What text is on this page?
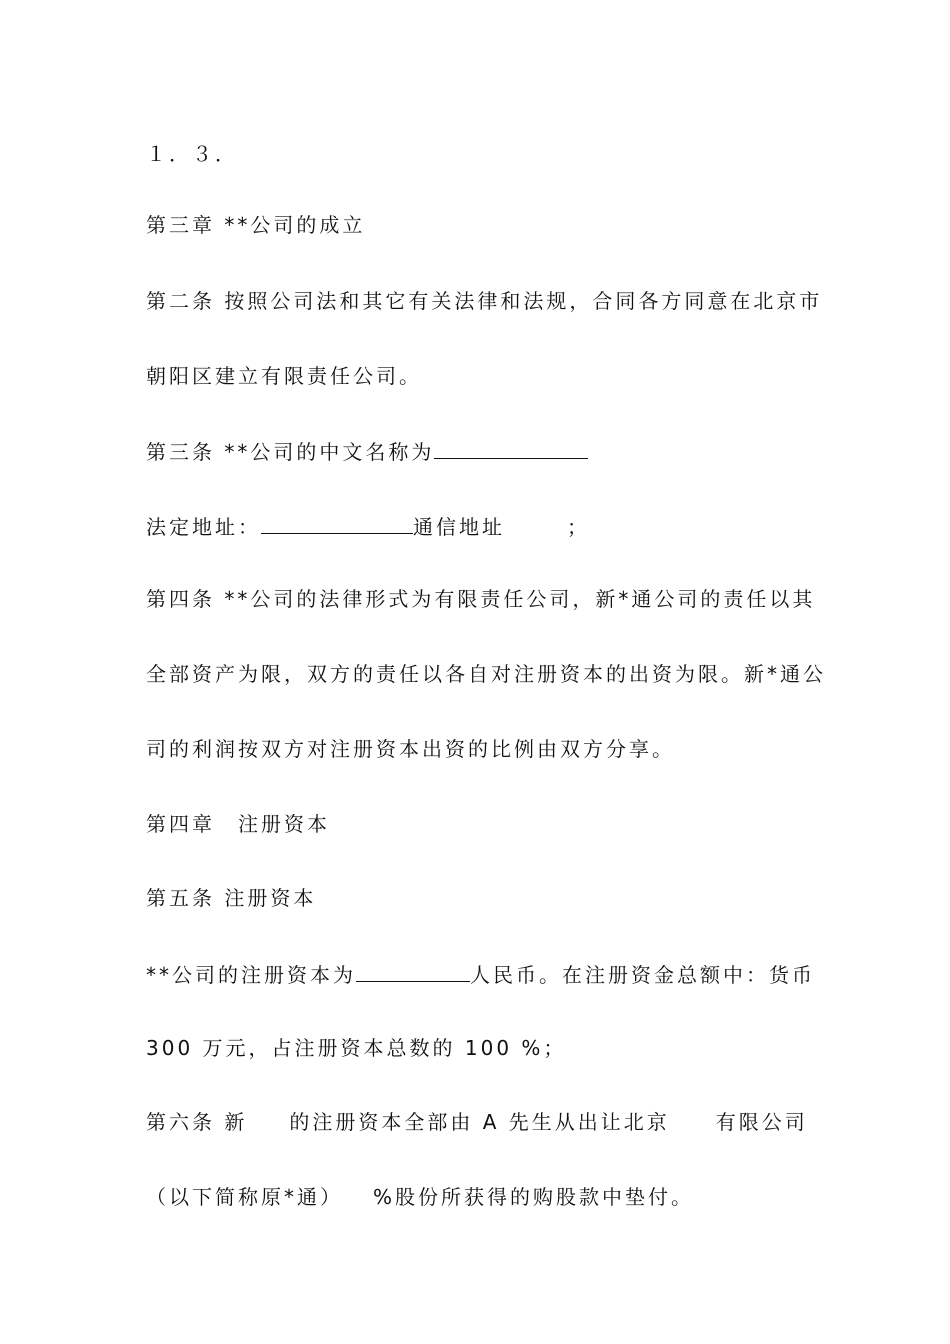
１．３．
第三章 **公司的成立
第二条 按照公司法和其它有关法律和法规，合同各方同意在北京市
朝阳区建立有限责任公司。
第三条 **公司的中文名称为
法定地址：	通信地址	；
第四条 **公司的法律形式为有限责任公司，新*通公司的责任以其
全部资产为限，双方的责任以各自对注册资本的出资为限。新*通公
司的利润按双方对注册资本出资的比例由双方分享。
第四章　注册资本
第五条 注册资本
**公司的注册资本为	人民币。在注册资金总额中：货币
300 万元，占注册资本总数的 100 %；
第六条 新 的注册资本全部由 A 先生从出让北京 有限公司
（以下简称原*通） %股份所获得的购股款中垫付。
